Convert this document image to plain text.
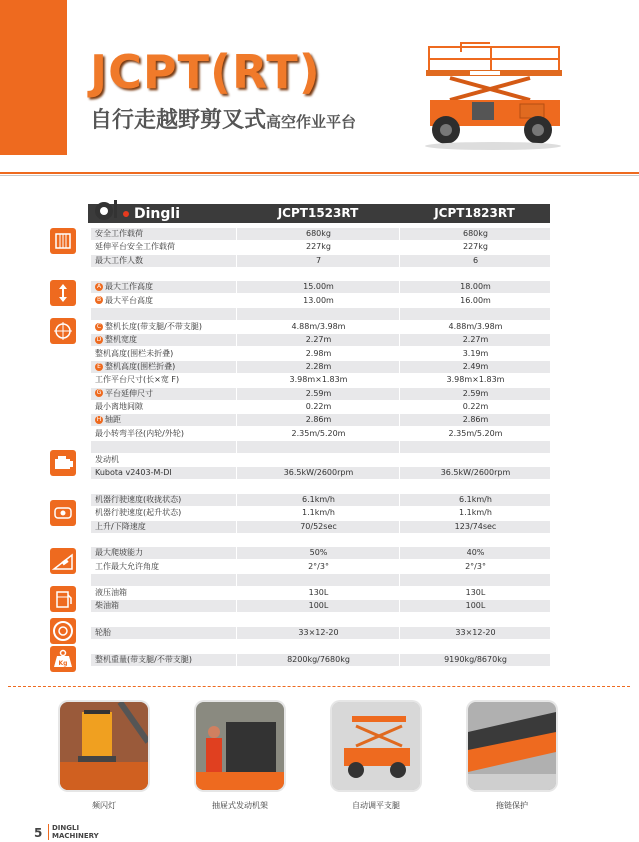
JCPT(RT)
自行走越野剪叉式高空作业平台
Dingli	JCPT1523RT	JCPT1823RT
安全工作载荷	680kg	680kg
延伸平台安全工作载荷	227kg	227kg
最大工作人数	7	6
A 最大工作高度	15.00m	18.00m
B 最大平台高度	13.00m	16.00m
C 整机长度(带支腿/不带支腿)	4.88m/3.98m	4.88m/3.98m
D 整机宽度	2.27m	2.27m
整机高度(围栏未折叠)	2.98m	3.19m
E 整机高度(围栏折叠)	2.28m	2.49m
工作平台尺寸(长×宽 F)	3.98m×1.83m	3.98m×1.83m
G 平台延伸尺寸	2.59m	2.59m
最小离地间隙	0.22m	0.22m
H 轴距	2.86m	2.86m
最小转弯半径(内轮/外轮)	2.35m/5.20m	2.35m/5.20m
发动机
Kubota v2403-M-DI	36.5kW/2600rpm	36.5kW/2600rpm
机器行驶速度(收拢状态)	6.1km/h	6.1km/h
机器行驶速度(起升状态)	1.1km/h	1.1km/h
上升/下降速度	70/52sec	123/74sec
最大爬坡能力	50%	40%
工作最大允许角度	2°/3°	2°/3°
液压油箱	130L	130L
柴油箱	100L	100L
轮胎	33×12-20	33×12-20
整机重量(带支腿/不带支腿)	8200kg/7680kg	9190kg/8670kg
Kg
频闪灯	抽屉式发动机架	自动调平支腿	拖链保护
5 DINGLI
MACHINERY
